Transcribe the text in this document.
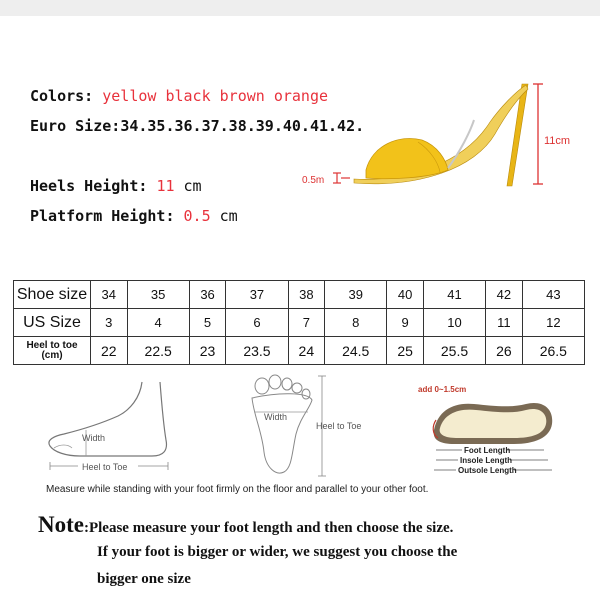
Colors: yellow black brown orange
Euro Size:34.35.36.37.38.39.40.41.42.
Heels Height: 11 cm
Platform Height: 0.5 cm
11cm
0.5m
Shoe size	34	35	36	37	38	39	40	41	42	43
US Size	3	4	5	6	7	8	9	10	11	12

Heel to toe
(cm)	22	22.5	23	23.5	24	24.5	25	25.5	26	26.5
Width
Heel to Toe
Width
Heel to Toe
add 0~1.5cm
Foot Length
Insole Length
Outsole Length
Measure while standing with your foot firmly on the floor and parallel to your other foot.
Note:Please measure your foot length and then choose the size.
If your foot is bigger or wider, we suggest you choose the
bigger one size
